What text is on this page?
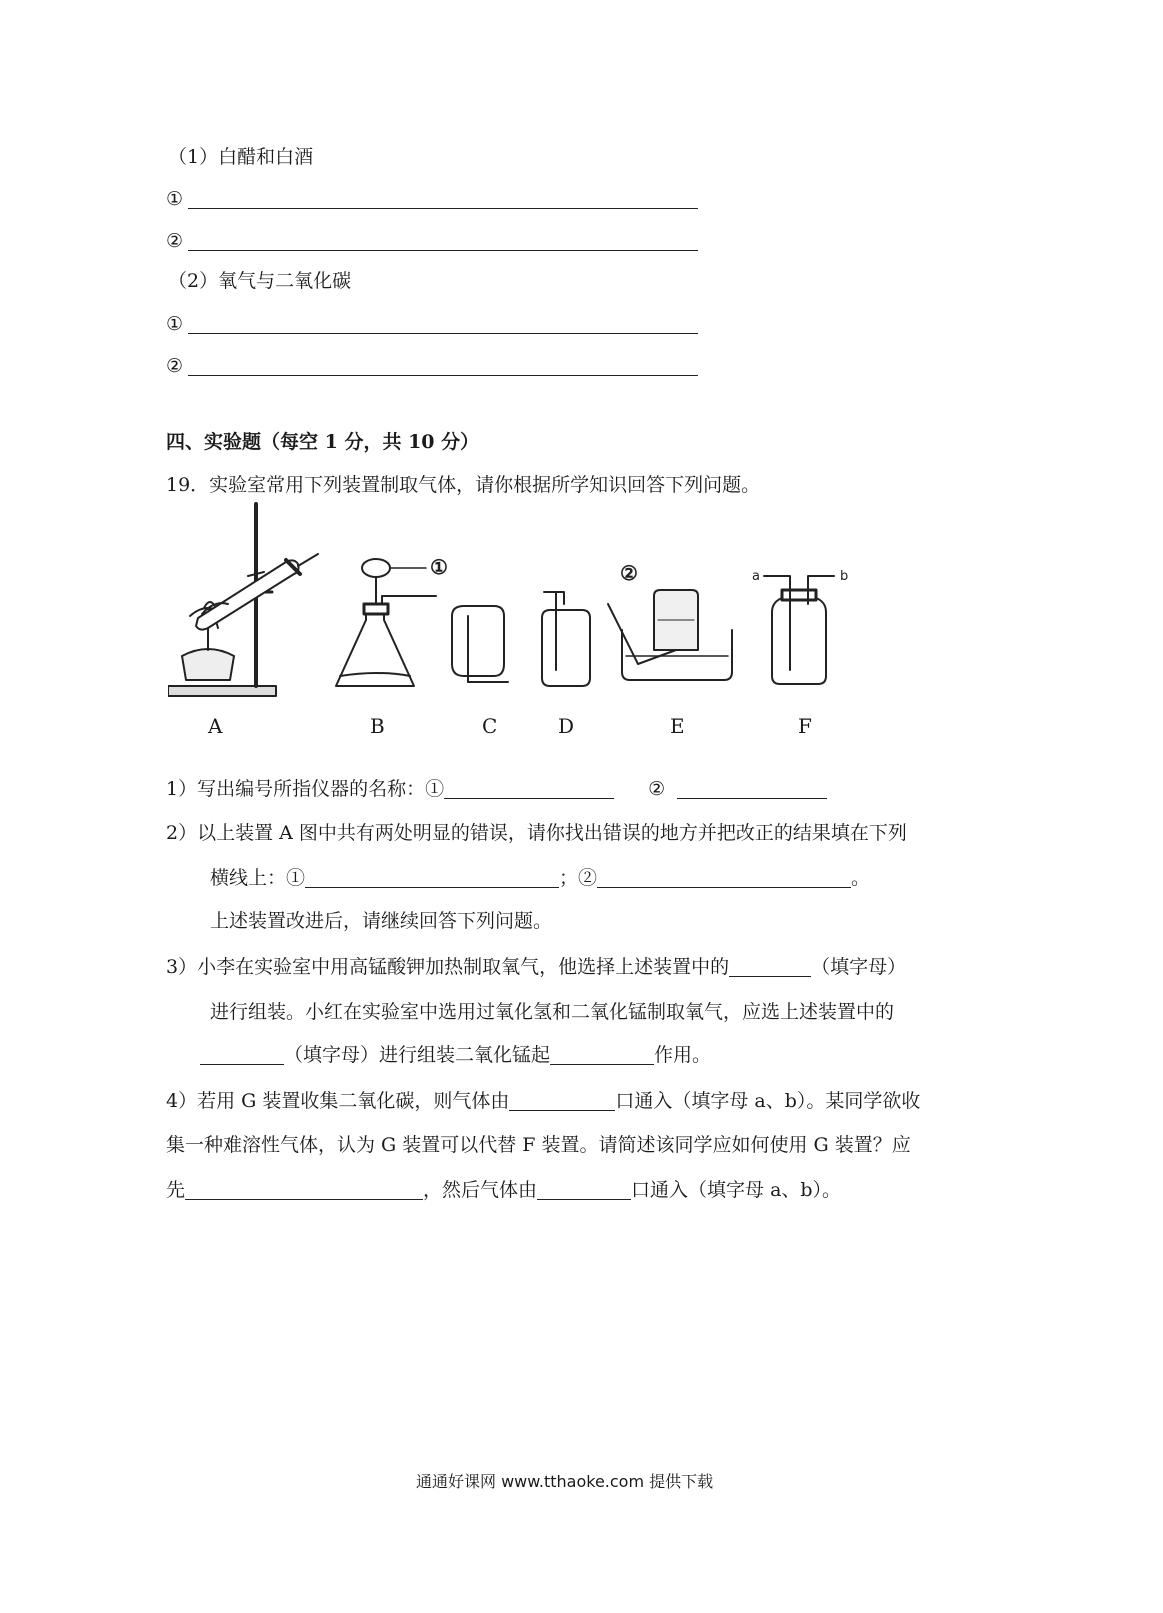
（1）白醋和白酒
①
②
（2）氧气与二氧化碳
①
②
四、实验题（每空 1 分，共 10 分）
19．实验室常用下列装置制取气体，请你根据所学知识回答下列问题。
①	②	a	b
A	B	C	D	E	F
1）写出编号所指仪器的名称：①	②
2）以上装置 A 图中共有两处明显的错误，请你找出错误的地方并把改正的结果填在下列
横线上：①	；②	。
上述装置改进后，请继续回答下列问题。
3）小李在实验室中用高锰酸钾加热制取氧气，他选择上述装置中的	（填字母）
进行组装。小红在实验室中选用过氧化氢和二氧化锰制取氧气，应选上述装置中的
（填字母）进行组装二氧化锰起	作用。
4）若用 G 装置收集二氧化碳，则气体由	口通入（填字母 a、b）。某同学欲收
集一种难溶性气体，认为 G 装置可以代替 F 装置。请简述该同学应如何使用 G 装置？应
先	，然后气体由	口通入（填字母 a、b）。
通通好课网 www.tthaoke.com 提供下载
